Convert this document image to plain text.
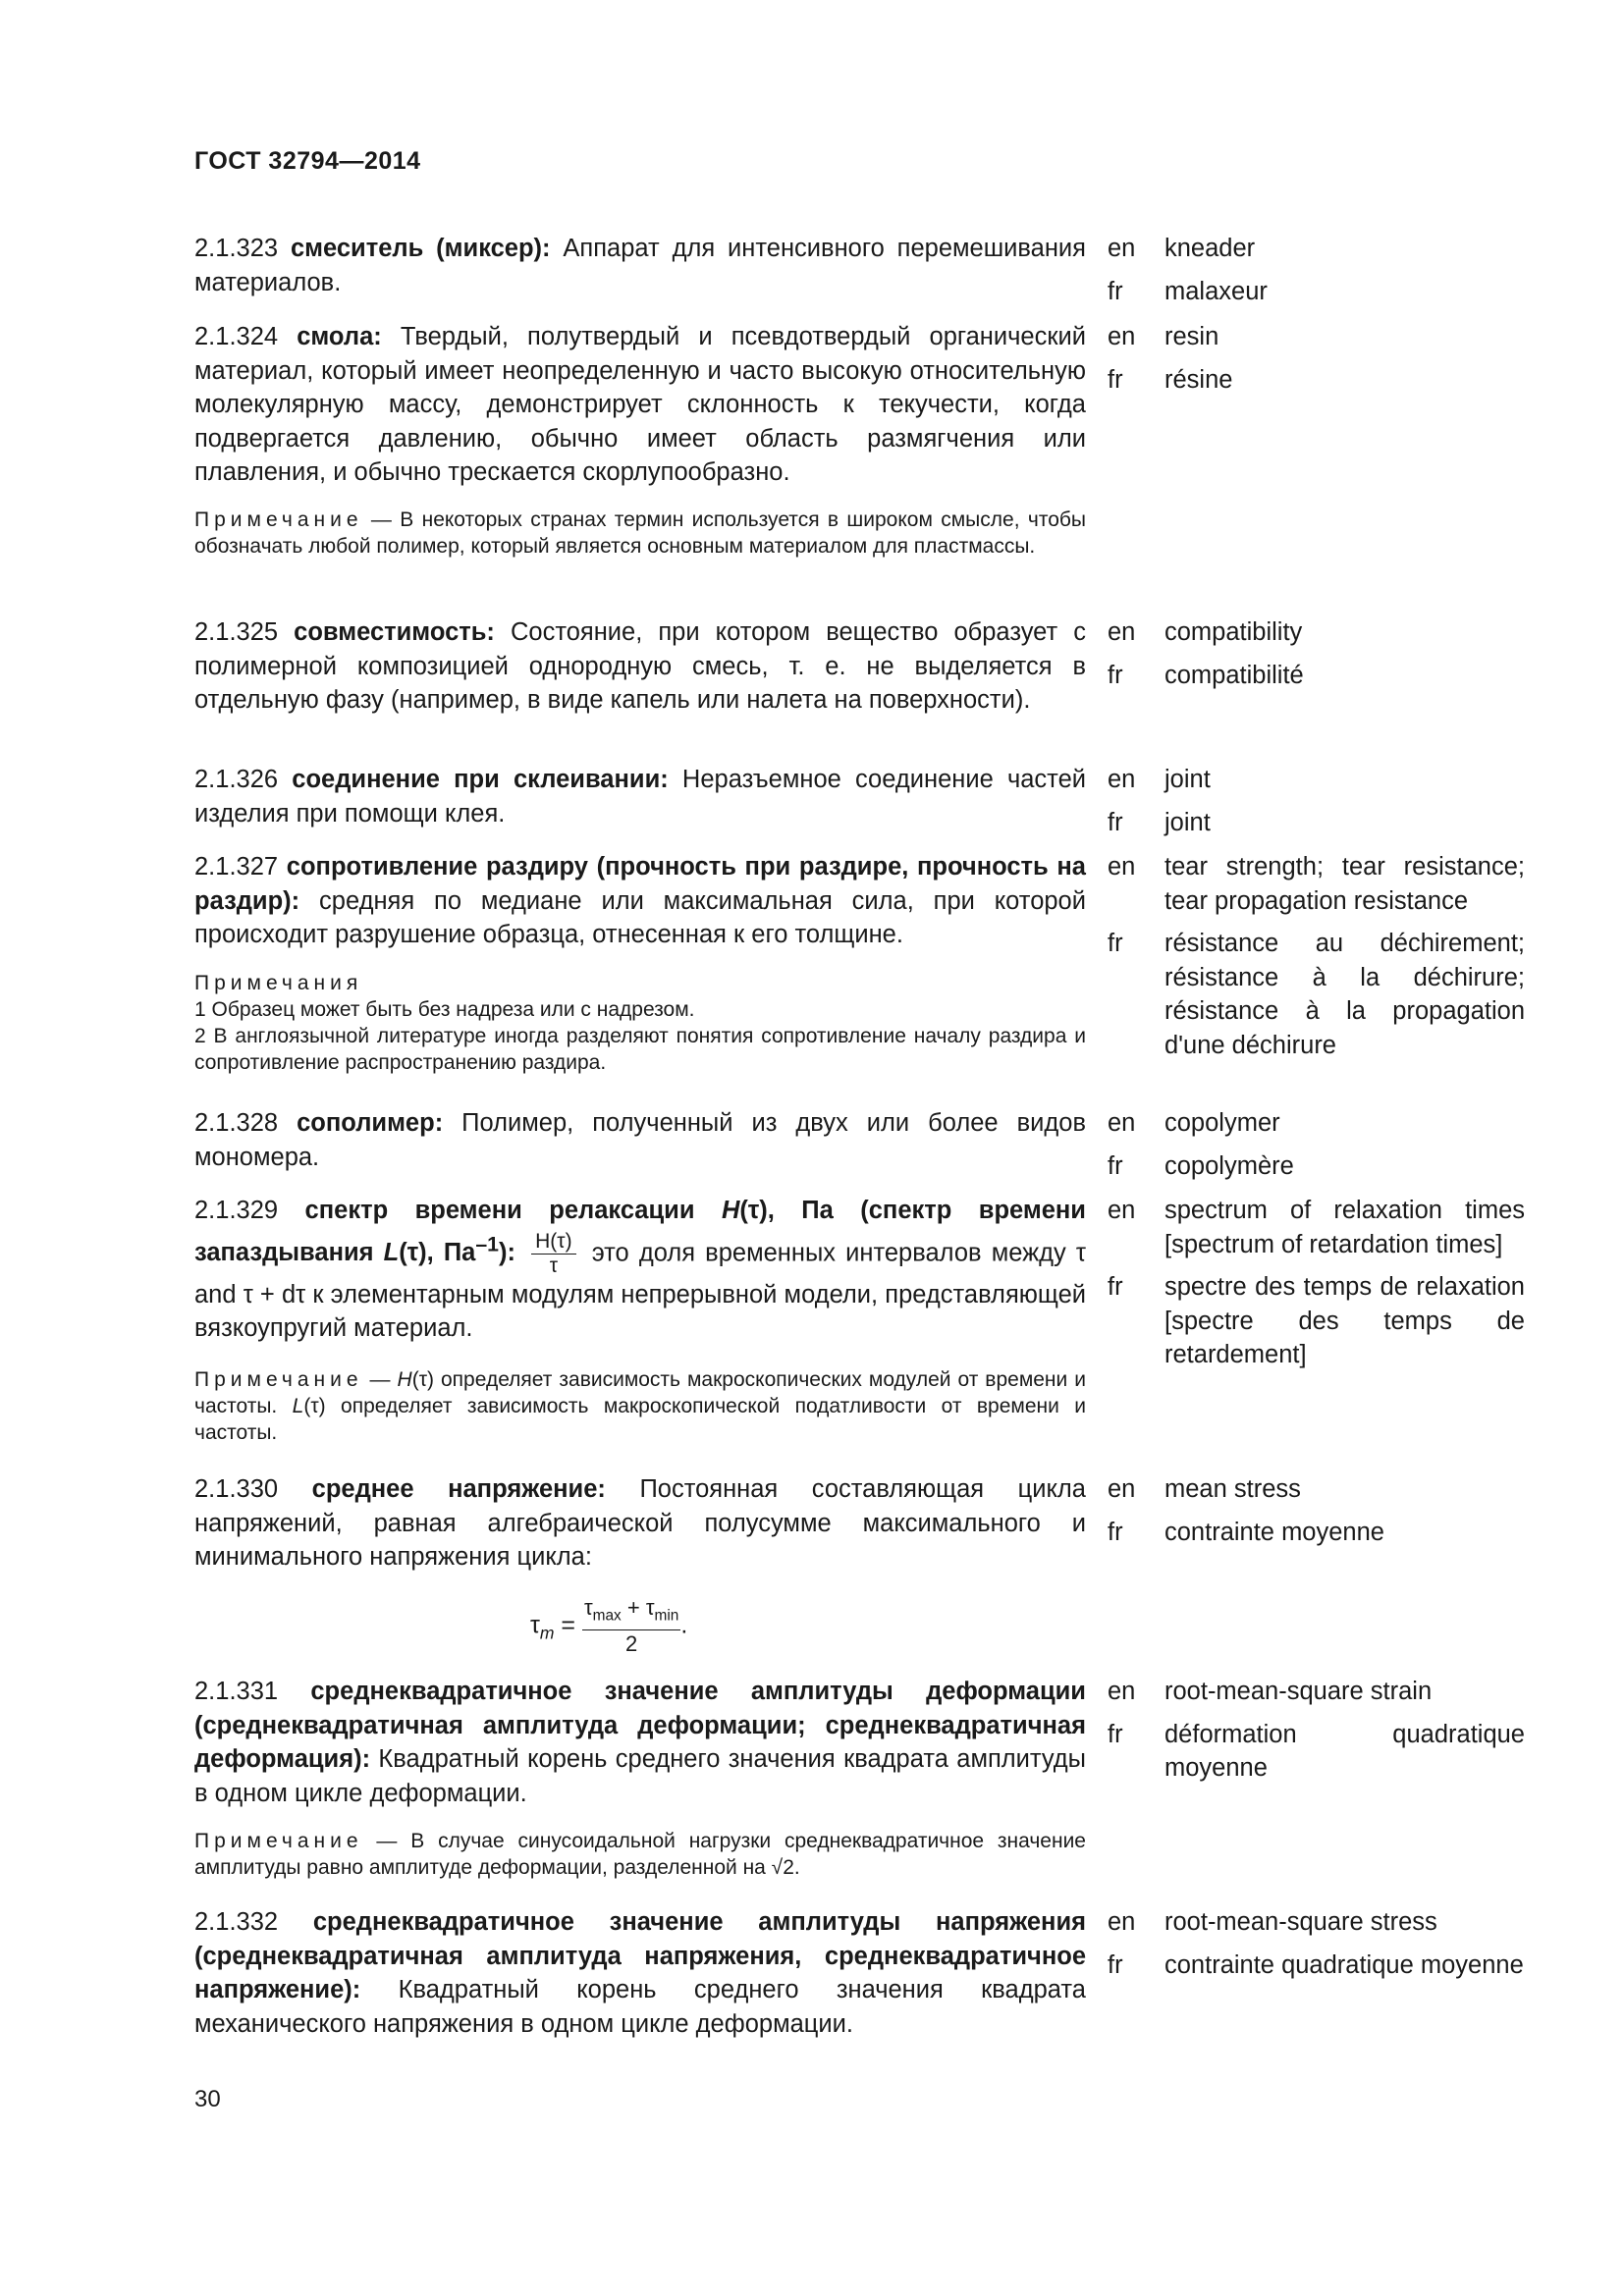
ГОСТ 32794—2014
2.1.323 смеситель (миксер): Аппарат для интенсивного перемешивания материалов.
en	kneader
fr	malaxeur
2.1.324 смола: Твердый, полутвердый и псевдотвердый органический материал, который имеет неопределенную и часто высокую относительную молекулярную массу, демонстрирует склонность к текучести, когда подвергается давлению, обычно имеет область размягчения или плавления, и обычно трескается скорлупообразно.
Примечание — В некоторых странах термин используется в широком смысле, чтобы обозначать любой полимер, который является основным материалом для пластмассы.
en	resin
fr	résine
2.1.325 совместимость: Состояние, при котором вещество образует с полимерной композицией однородную смесь, т. е. не выделяется в отдельную фазу (например, в виде капель или налета на поверхности).
en	compatibility
fr	compatibilité
2.1.326 соединение при склеивании: Неразъемное соединение частей изделия при помощи клея.
en	joint
fr	joint
2.1.327 сопротивление раздиру (прочность при раздире, прочность на раздир): средняя по медиане или максимальная сила, при которой происходит разрушение образца, отнесенная к его толщине.
Примечания
1 Образец может быть без надреза или с надрезом.
2 В англоязычной литературе иногда разделяют понятия сопротивление началу раздира и сопротивление распространению раздира.
en	tear strength; tear resistance; tear propagation resistance
fr	résistance au déchirement; résistance à la déchirure; résistance à la propagation d'une déchirure
2.1.328 сополимер: Полимер, полученный из двух или более видов мономера.
en	copolymer
fr	copolymère
2.1.329 спектр времени релаксации H(τ), Па (спектр времени запаздывания L(τ), $Па^{-1}$): $\frac{H(\tau)}{\tau}$ это доля временных интервалов между τ and τ + dτ к элементарным модулям непрерывной модели, представляющей вязкоупругий материал.
Примечание — H(τ) определяет зависимость макроскопических модулей от времени и частоты. L(τ) определяет зависимость макроскопической податливости от времени и частоты.
en	spectrum of relaxation times [spectrum of retardation times]
fr	spectre des temps de relaxation [spectre des temps de retardement]
2.1.330 среднее напряжение: Постоянная составляющая цикла напряжений, равная алгебраической полусумме максимального и минимального напряжения цикла:
$\tau_m$ =
$\tau_{max} + \tau_{min}$
2
.
en	mean stress
fr	contrainte moyenne
2.1.331 среднеквадратичное значение амплитуды деформации (среднеквадратичная амплитуда деформации; среднеквадратичная деформация): Квадратный корень среднего значения квадрата амплитуды в одном цикле деформации.
Примечание — В случае синусоидальной нагрузки среднеквадратичное значение амплитуды равно амплитуде деформации, разделенной на √2.
en	root-mean-square strain
fr	déformation quadratique moyenne
2.1.332 среднеквадратичное значение амплитуды напряжения (среднеквадратичная амплитуда напряжения, среднеквадратичное напряжение): Квадратный корень среднего значения квадрата механического напряжения в одном цикле деформации.
en	root-mean-square stress
fr	contrainte quadratique moyenne
30
